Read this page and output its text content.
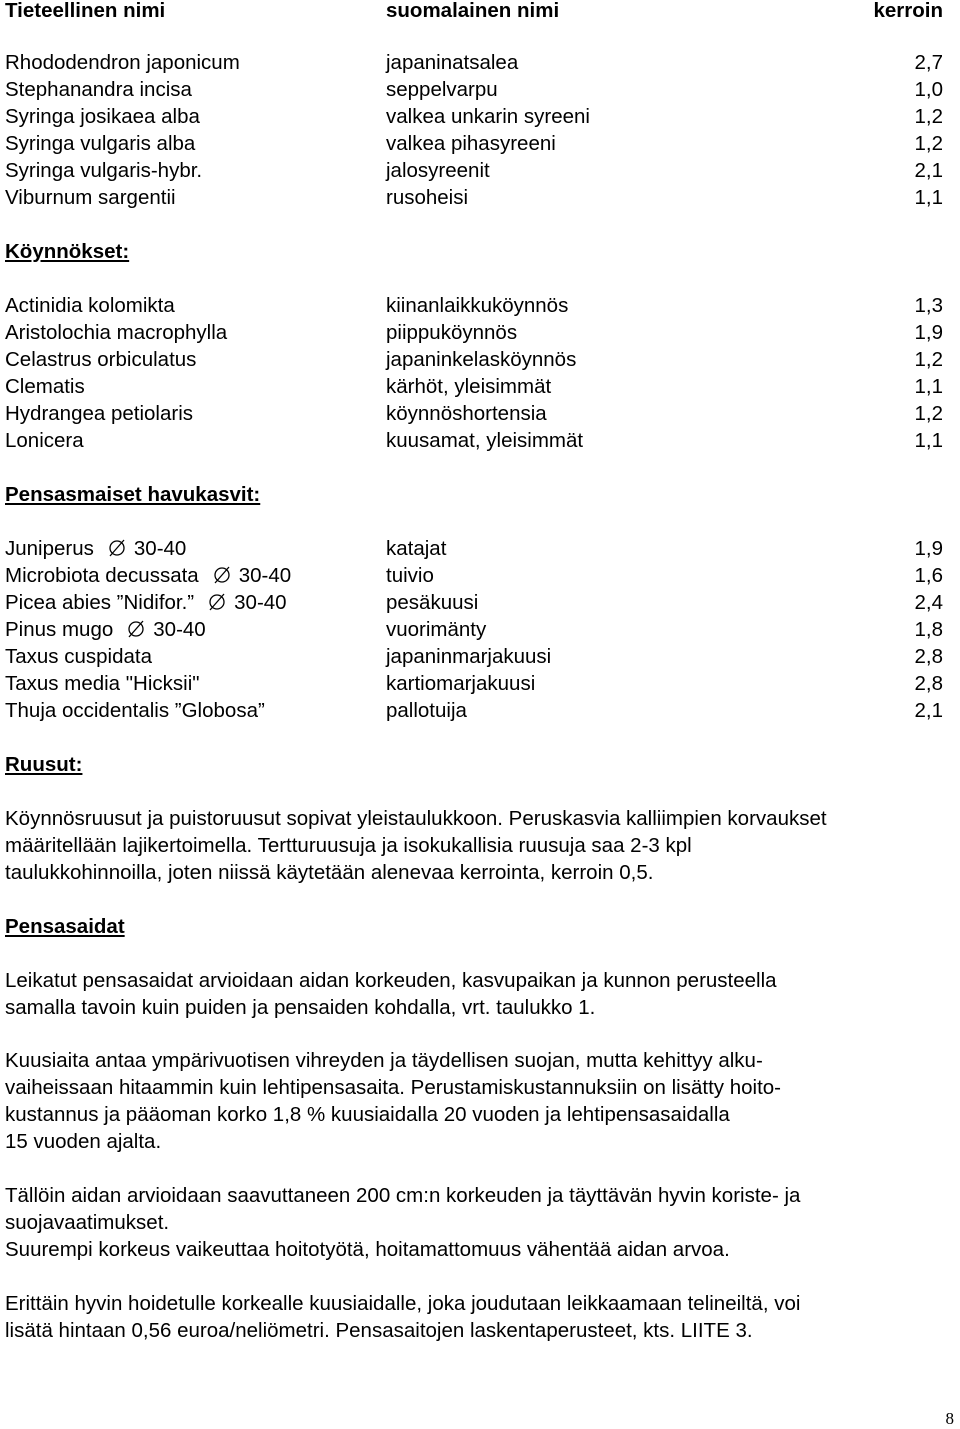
Tieteellinen nimi	suomalainen nimi	kerroin
Rhododendron japonicum	japaninatsalea	2,7
Stephanandra incisa	seppelvarpu	1,0
Syringa josikaea alba	valkea unkarin syreeni	1,2
Syringa vulgaris alba	valkea pihasyreeni	1,2
Syringa vulgaris-hybr.	jalosyreenit	2,1
Viburnum sargentii	rusoheisi	1,1
Köynnökset:
Actinidia kolomikta	kiinanlaikkuköynnös	1,3
Aristolochia macrophylla	piippuköynnös	1,9
Celastrus orbiculatus	japaninkelasköynnös	1,2
Clematis	kärhöt, yleisimmät	1,1
Hydrangea petiolaris	köynnöshortensia	1,2
Lonicera	kuusamat, yleisimmät	1,1
Pensasmaiset havukasvit:
Juniperus 30-40	katajat	1,9
Microbiota decussata 30-40	tuivio	1,6
Picea abies ”Nidifor.” 30-40	pesäkuusi	2,4
Pinus mugo 30-40	vuorimänty	1,8
Taxus cuspidata	japaninmarjakuusi	2,8
Taxus media "Hicksii"	kartiomarjakuusi	2,8
Thuja occidentalis ”Globosa”	pallotuija	2,1
Ruusut:
Köynnösruusut ja puistoruusut sopivat yleistaulukkoon. Peruskasvia kalliimpien korvaukset
määritellään lajikertoimella. Tertturuusuja ja isokukallisia ruusuja saa 2-3 kpl
taulukkohinnoilla, joten niissä käytetään alenevaa kerrointa, kerroin 0,5.
Pensasaidat
Leikatut pensasaidat arvioidaan aidan korkeuden, kasvupaikan ja kunnon perusteella
samalla tavoin kuin puiden ja pensaiden kohdalla, vrt. taulukko 1.
Kuusiaita antaa ympärivuotisen vihreyden ja täydellisen suojan, mutta kehittyy alku-
vaiheissaan hitaammin kuin lehtipensasaita. Perustamiskustannuksiin on lisätty hoito-
kustannus ja pääoman korko 1,8 % kuusiaidalla 20 vuoden ja lehtipensasaidalla
15 vuoden ajalta.
Tällöin aidan arvioidaan saavuttaneen 200 cm:n korkeuden ja täyttävän hyvin koriste- ja
suojavaatimukset.
Suurempi korkeus vaikeuttaa hoitotyötä, hoitamattomuus vähentää aidan arvoa.
Erittäin hyvin hoidetulle korkealle kuusiaidalle, joka joudutaan leikkaamaan telineiltä, voi
lisätä hintaan 0,56 euroa/neliömetri. Pensasaitojen laskentaperusteet, kts. LIITE 3.
8
